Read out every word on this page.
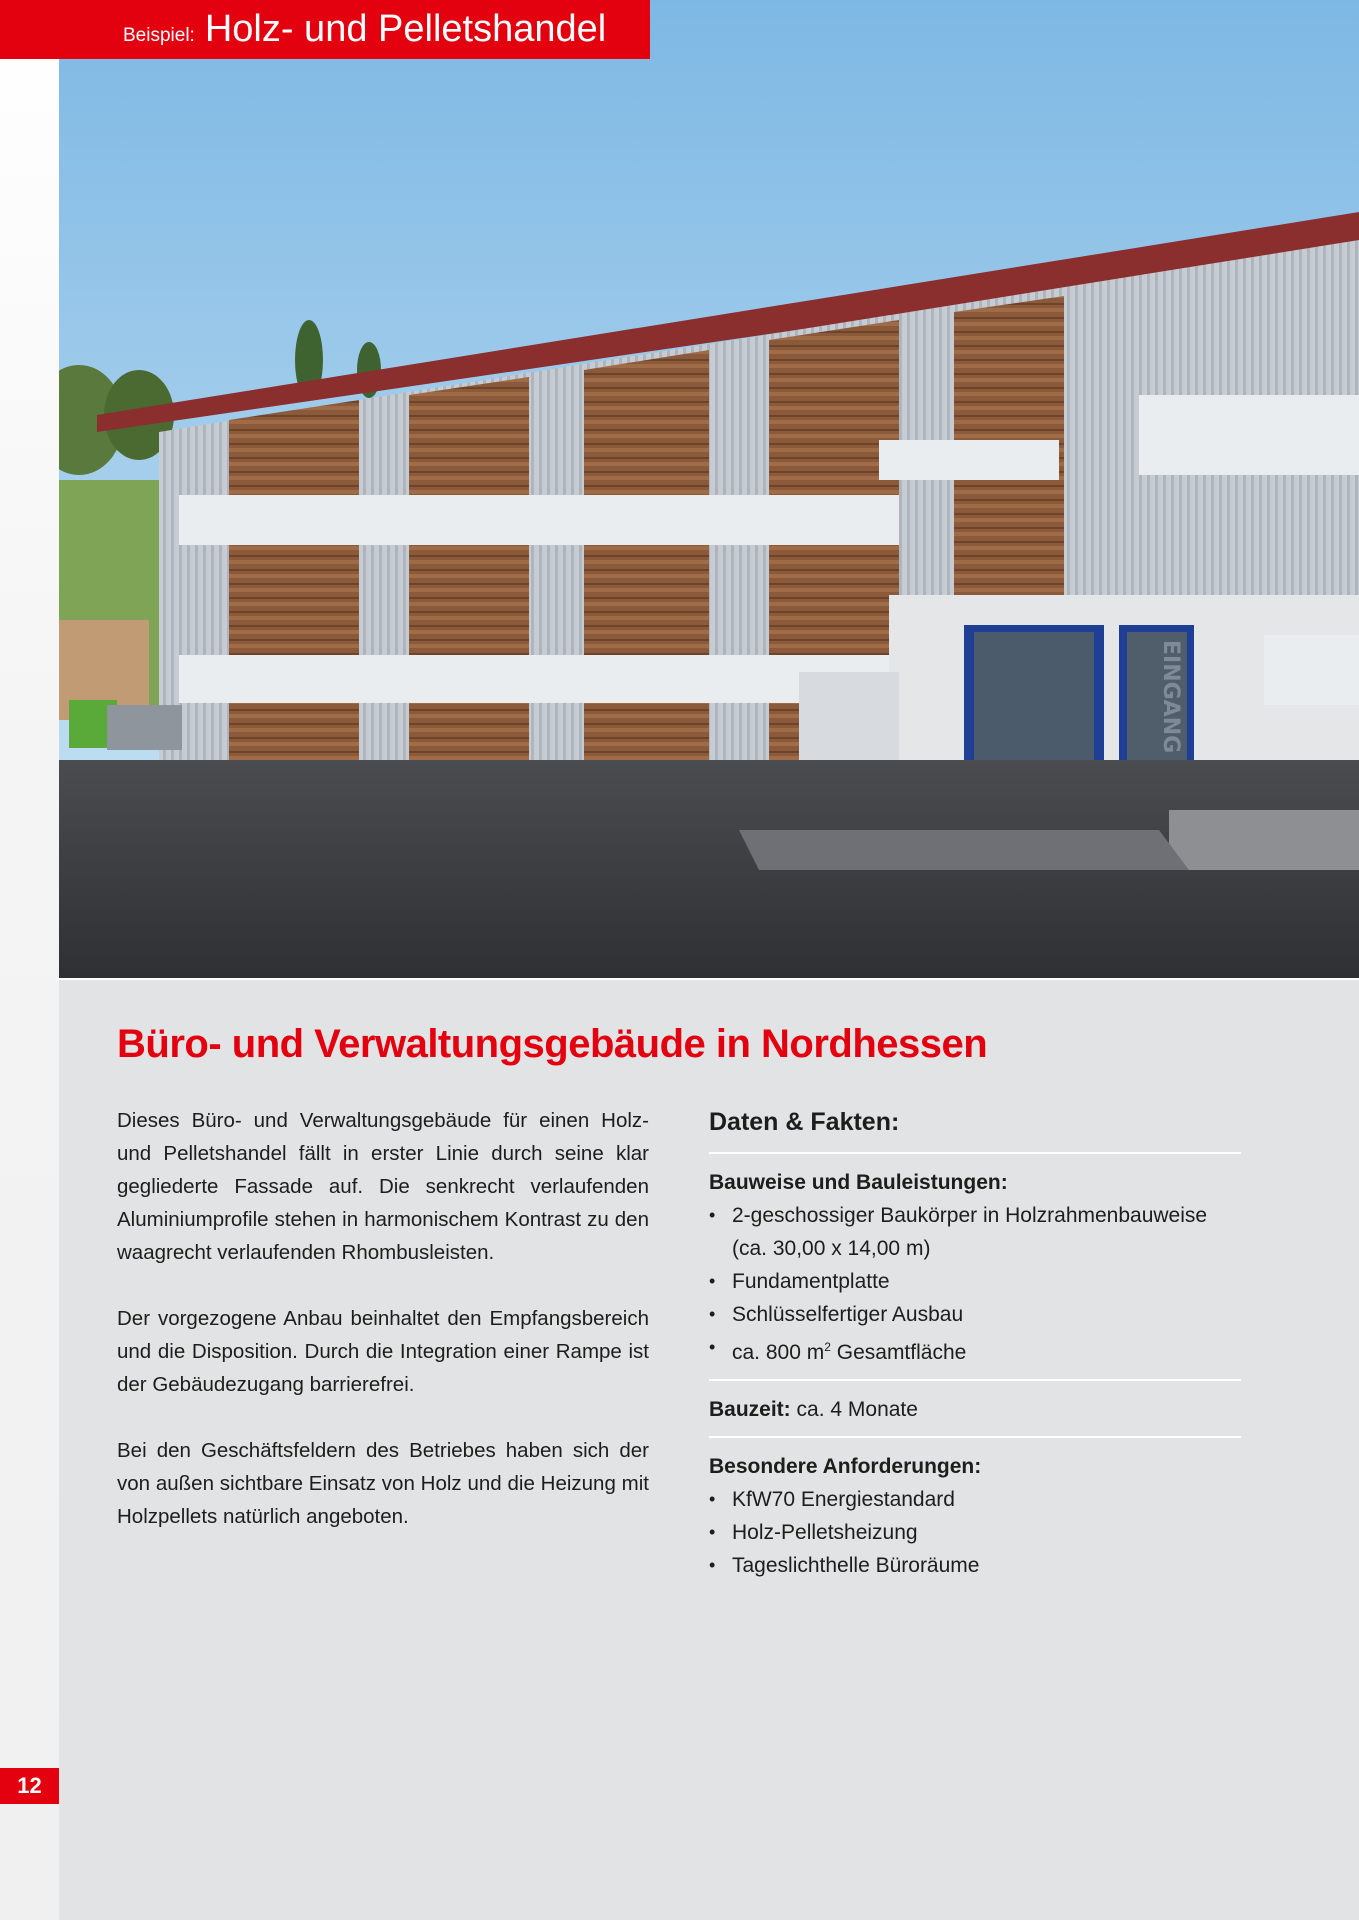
EINGANG
Beispiel: Holz- und Pelletshandel
Büro- und Verwaltungsgebäude in Nordhessen

Dieses Büro- und Verwaltungsgebäude für einen Holz- und Pelletshandel fällt in erster Linie durch seine klar gegliederte Fassade auf. Die senkrecht verlaufenden Aluminiumprofile stehen in harmonischem Kontrast zu den waagrecht verlaufenden Rhombusleisten.

Der vorgezogene Anbau beinhaltet den Empfangsbereich und die Disposition. Durch die Integration einer Rampe ist der Gebäudezugang barrierefrei.

Bei den Geschäftsfeldern des Betriebes haben sich der von außen sichtbare Einsatz von Holz und die Heizung mit Holzpellets natürlich angeboten.

Daten & Fakten:
Bauweise und Bauleistungen:
• 2-geschossiger Baukörper in Holzrahmenbauweise
(ca. 30,00 x 14,00 m)
• Fundamentplatte
• Schlüsselfertiger Ausbau
• ca. 800 $m^2$ Gesamtfläche
Bauzeit: ca. 4 Monate
Besondere Anforderungen:
• KfW70 Energiestandard
• Holz-Pelletsheizung
• Tageslichthelle Büroräume
12
